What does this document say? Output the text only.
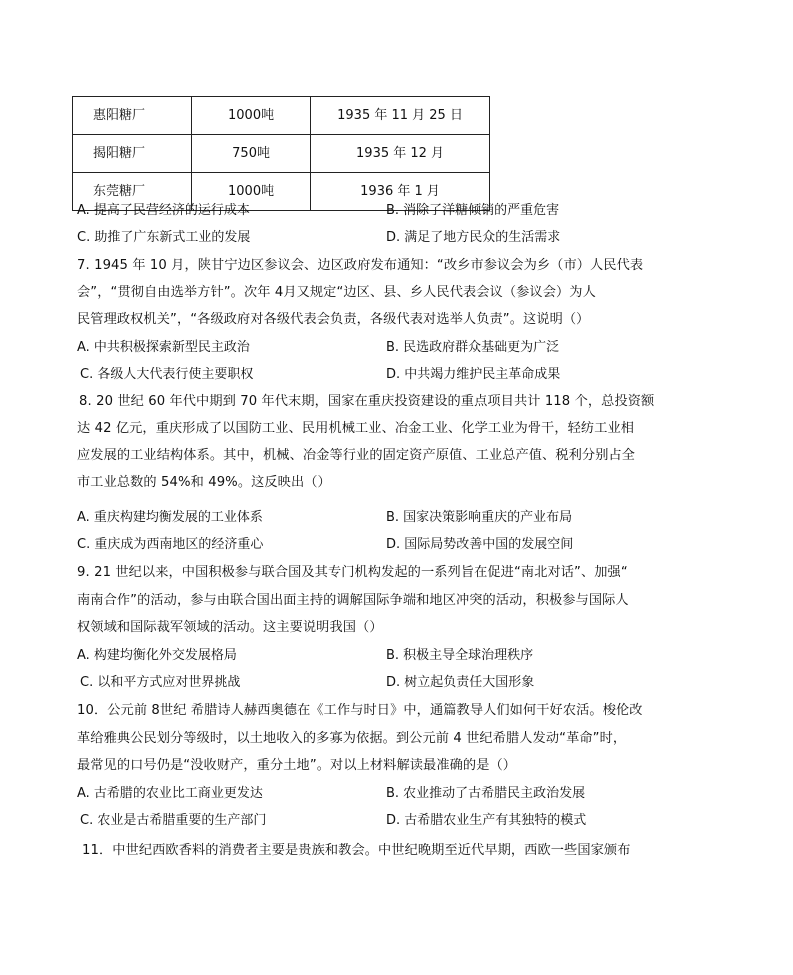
惠阳糖厂	1000吨	1935 年 11 月 25 日
揭阳糖厂	750吨	1935 年 12 月
东莞糖厂	1000吨	1936 年 1 月
A. 提高了民营经济的运行成本	B. 消除了洋糖倾销的严重危害
C. 助推了广东新式工业的发展	D. 满足了地方民众的生活需求
7. 1945 年 10 月，陕甘宁边区参议会、边区政府发布通知：“改乡市参议会为乡（市）人民代表
会”，“贯彻自由选举方针”。次年 4月又规定“边区、县、乡人民代表会议（参议会）为人
民管理政权机关”，“各级政府对各级代表会负责，各级代表对选举人负责”。这说明（）
A. 中共积极探索新型民主政治	B. 民选政府群众基础更为广泛
C. 各级人大代表行使主要职权	D. 中共竭力维护民主革命成果
8. 20 世纪 60 年代中期到 70 年代末期，国家在重庆投资建设的重点项目共计 118 个，总投资额
达 42 亿元，重庆形成了以国防工业、民用机械工业、冶金工业、化学工业为骨干，轻纺工业相
应发展的工业结构体系。其中，机械、冶金等行业的固定资产原值、工业总产值、税利分别占全
市工业总数的 54%和 49%。这反映出（）
A. 重庆构建均衡发展的工业体系	B. 国家决策影响重庆的产业布局
C. 重庆成为西南地区的经济重心	D. 国际局势改善中国的发展空间
9. 21 世纪以来，中国积极参与联合国及其专门机构发起的一系列旨在促进“南北对话”、加强“
南南合作”的活动，参与由联合国出面主持的调解国际争端和地区冲突的活动，积极参与国际人
权领域和国际裁军领域的活动。这主要说明我国（）
A. 构建均衡化外交发展格局	B. 积极主导全球治理秩序
C. 以和平方式应对世界挑战	D. 树立起负责任大国形象
10．公元前 8世纪 希腊诗人赫西奥德在《工作与时日》中，通篇教导人们如何干好农活。梭伦改
革给雅典公民划分等级时，以土地收入的多寡为依据。到公元前 4 世纪希腊人发动“革命”时，
最常见的口号仍是“没收财产，重分土地”。对以上材料解读最准确的是（）
A. 古希腊的农业比工商业更发达	B. 农业推动了古希腊民主政治发展
C. 农业是古希腊重要的生产部门	D. 古希腊农业生产有其独特的模式
11．中世纪西欧香料的消费者主要是贵族和教会。中世纪晚期至近代早期，西欧一些国家颁布
